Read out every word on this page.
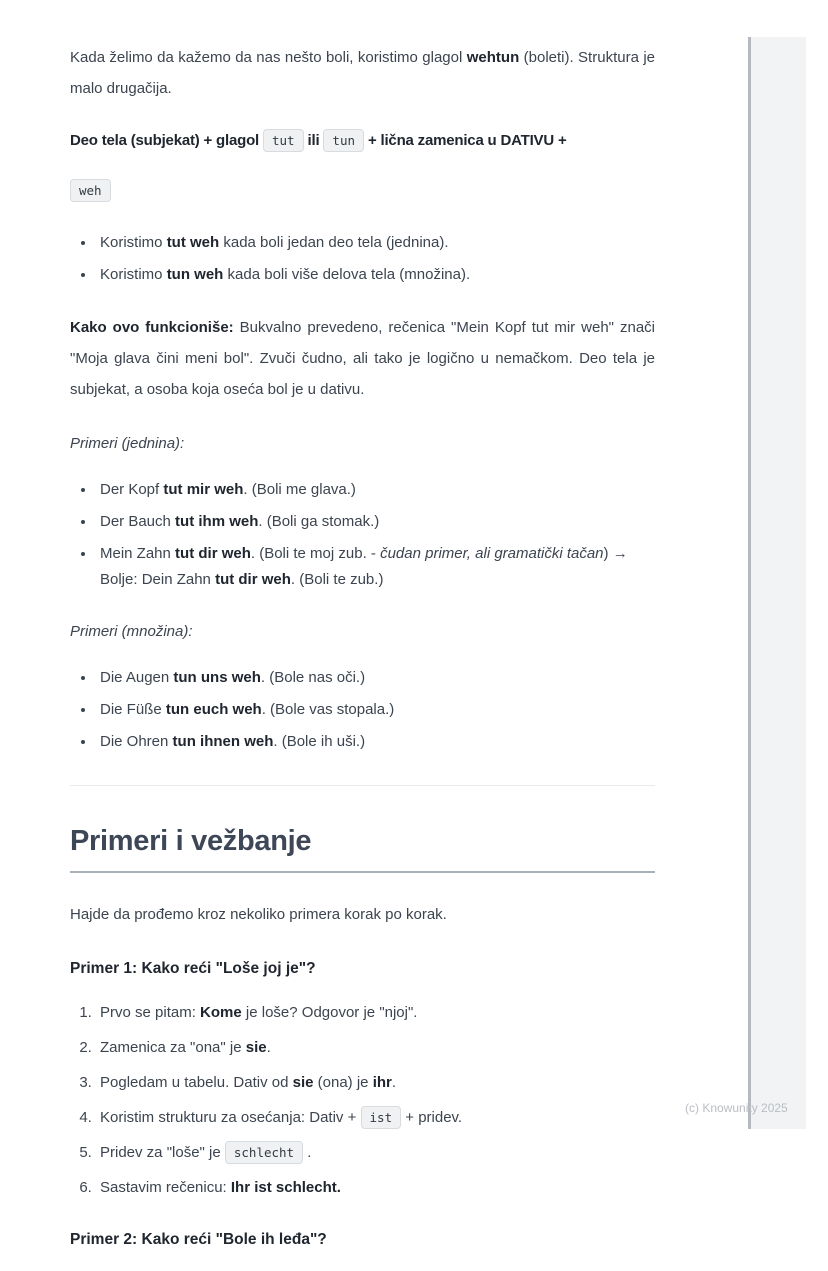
Kada želimo da kažemo da nas nešto boli, koristimo glagol wehtun (boleti). Struktura je malo drugačija.

Deo tela (subjekat) + glagol tut ili tun + lična zamenica u DATIVU +
weh
• Koristimo tut weh kada boli jedan deo tela (jednina).
• Koristimo tun weh kada boli više delova tela (množina).

Kako ovo funkcioniše: Bukvalno prevedeno, rečenica "Mein Kopf tut mir weh" znači "Moja glava čini meni bol". Zvuči čudno, ali tako je logično u nemačkom. Deo tela je subjekat, a osoba koja oseća bol je u dativu.

Primeri (jednina):

• Der Kopf tut mir weh. (Boli me glava.)
• Der Bauch tut ihm weh. (Boli ga stomak.)
• Mein Zahn tut dir weh. (Boli te moj zub. - čudan primer, ali gramatički tačan) → Bolje: Dein Zahn tut dir weh. (Boli te zub.)

Primeri (množina):

• Die Augen tun uns weh. (Bole nas oči.)
• Die Füße tun euch weh. (Bole vas stopala.)
• Die Ohren tun ihnen weh. (Bole ih uši.)
Primeri i vežbanje

Hajde da prođemo kroz nekoliko primera korak po korak.

Primer 1: Kako reći "Loše joj je"?

1. Prvo se pitam: Kome je loše? Odgovor je "njoj".
2. Zamenica za "ona" je sie.
3. Pogledam u tabelu. Dativ od sie (ona) je ihr.
4. Koristim strukturu za osećanja: Dativ + ist + pridev.
5. Pridev za "loše" je schlecht .
6. Sastavim rečenicu: Ihr ist schlecht.

Primer 2: Kako reći "Bole ih leđa"?

(c) Knowunity 2025
